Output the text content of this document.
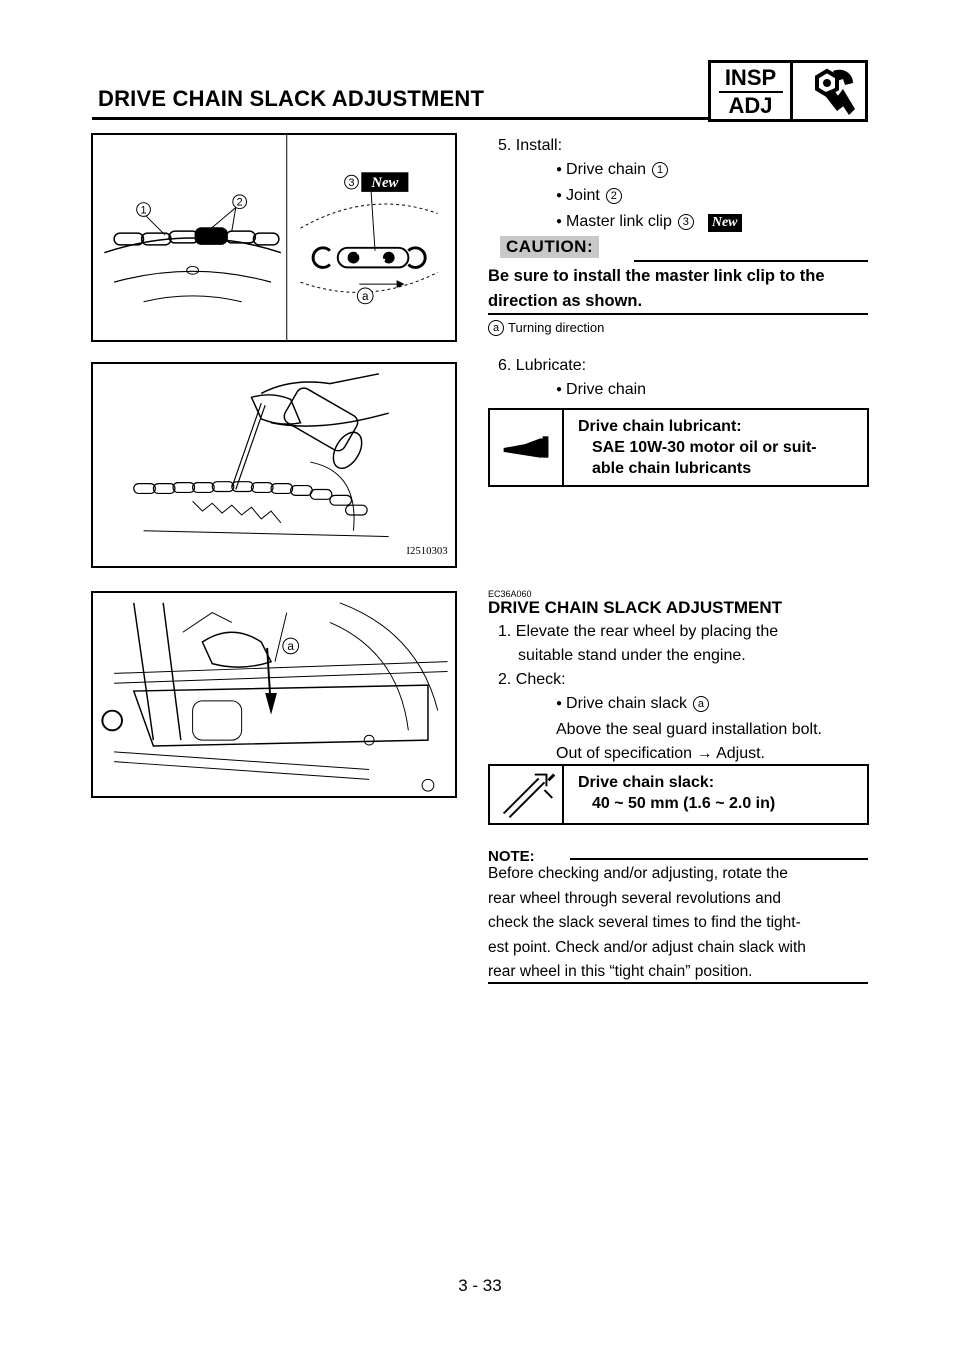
DRIVE CHAIN SLACK ADJUSTMENT
INSP
ADJ
1
2
3 New
a
I2510303
a
5. Install:
● Drive chain 1
● Joint 2
● Master link clip 3 New
CAUTION:
Be sure to install the master link clip to the
direction as shown.
a Turning direction
6. Lubricate:
● Drive chain
Drive chain lubricant:
SAE 10W-30 motor oil or suit-
able chain lubricants
EC36A060
DRIVE CHAIN SLACK ADJUSTMENT
1. Elevate the rear wheel by placing the
suitable stand under the engine.
2. Check:
● Drive chain slack a
Above the seal guard installation bolt.
Out of specification → Adjust.
Drive chain slack:
40 ~ 50 mm (1.6 ~ 2.0 in)
NOTE:
Before checking and/or adjusting, rotate the
rear wheel through several revolutions and
check the slack several times to find the tight-
est point. Check and/or adjust chain slack with
rear wheel in this “tight chain” position.
3 - 33
